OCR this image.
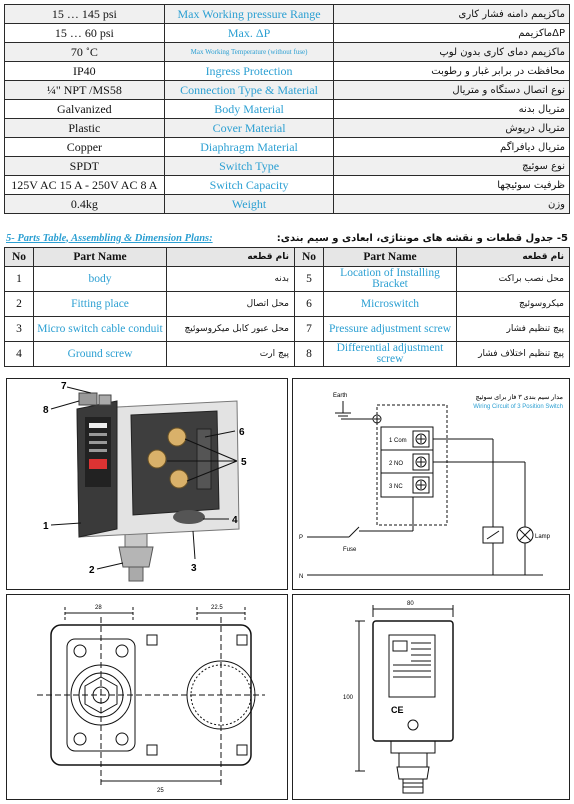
15 … 145 psi	Max Working pressure Range	ماکزیمم دامنه فشار کاری
15 … 60 psi	Max. ΔP	ماکزیممΔP
70 ˚C	Max Working Temperature (without fuse)	ماکزیمم دمای کاری بدون لوپ
IP40	Ingress Protection	محافظت در برابر غبار و رطوبت
¼" NPT /MS58	Connection Type & Material	نوع اتصال دستگاه و متریال
Galvanized	Body Material	متریال بدنه
Plastic	Cover Material	متریال درپوش
Copper	Diaphragm Material	متریال دیافراگم
SPDT	Switch Type	نوع سوئیچ
125V AC 15 A - 250V AC 8 A	Switch Capacity	ظرفیت سوئیچها
0.4kg	Weight	وزن
5- Parts Table, Assembling & Dimension Plans:	5- جدول قطعات و نقشه های مونتاژی، ابعادی و سیم بندی:
No	Part Name	نام قطعه	No	Part Name	نام قطعه
1	body	بدنه	5	Location of Installing Bracket	محل نصب براکت
2	Fitting place	محل اتصال	6	Microswitch	میکروسوئیچ
3	Micro switch cable conduit	محل عبور کابل میکروسوئیچ	7	Pressure adjustment screw	پیچ تنظیم فشار
4	Ground screw	پیچ ارت	8	Differential adjustment screw	پیچ تنظیم اختلاف فشار
7
8
6
5
1
4
3
2
مدار سیم بندی ۳ فاز برای سوئیچ
Wiring Circuit of 3 Position Switch
Earth
1 Com
2 NO
3 NC
Fuse
Lamp
P
N
28	22.5
25
CE
80
100
